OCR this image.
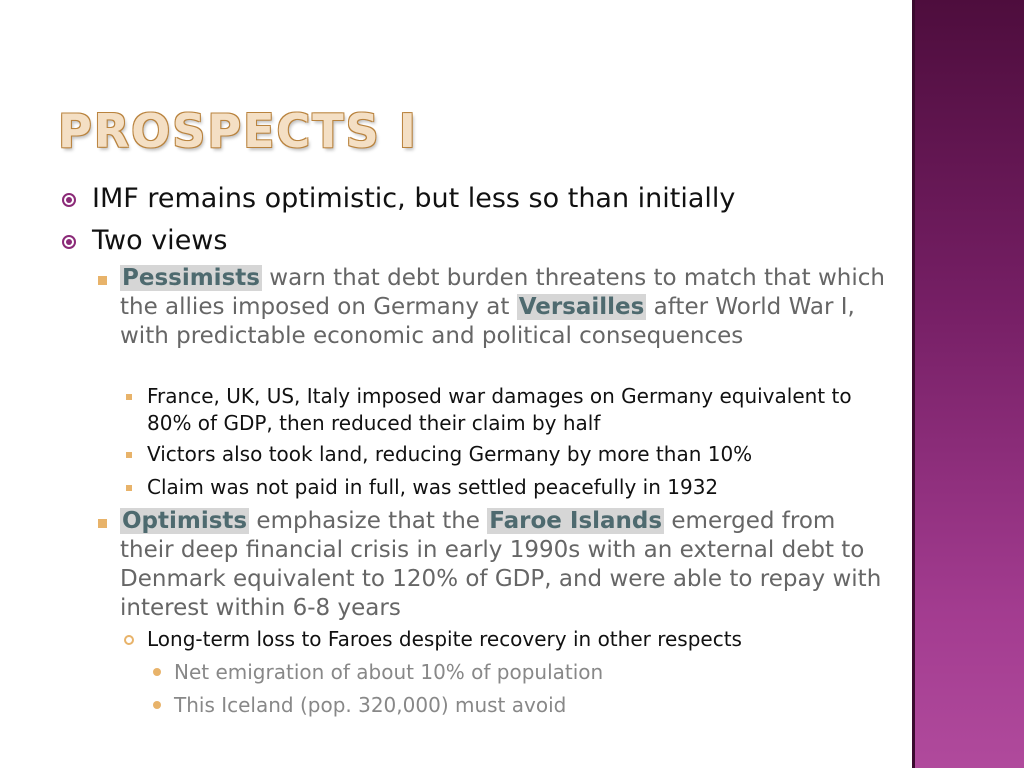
PROSPECTS I
IMF remains optimistic, but less so than initially
Two views
Pessimists warn that debt burden threatens to match that which the allies imposed on Germany at Versailles after World War I, with predictable economic and political consequences
France, UK, US, Italy imposed war damages on Germany equivalent to 80% of GDP, then reduced their claim by half
Victors also took land, reducing Germany by more than 10%
Claim was not paid in full, was settled peacefully in 1932
Optimists emphasize that the Faroe Islands emerged from their deep financial crisis in early 1990s with an external debt to Denmark equivalent to 120% of GDP, and were able to repay with interest within 6-8 years
Long-term loss to Faroes despite recovery in other respects
Net emigration of about 10% of population
This Iceland (pop. 320,000) must avoid
